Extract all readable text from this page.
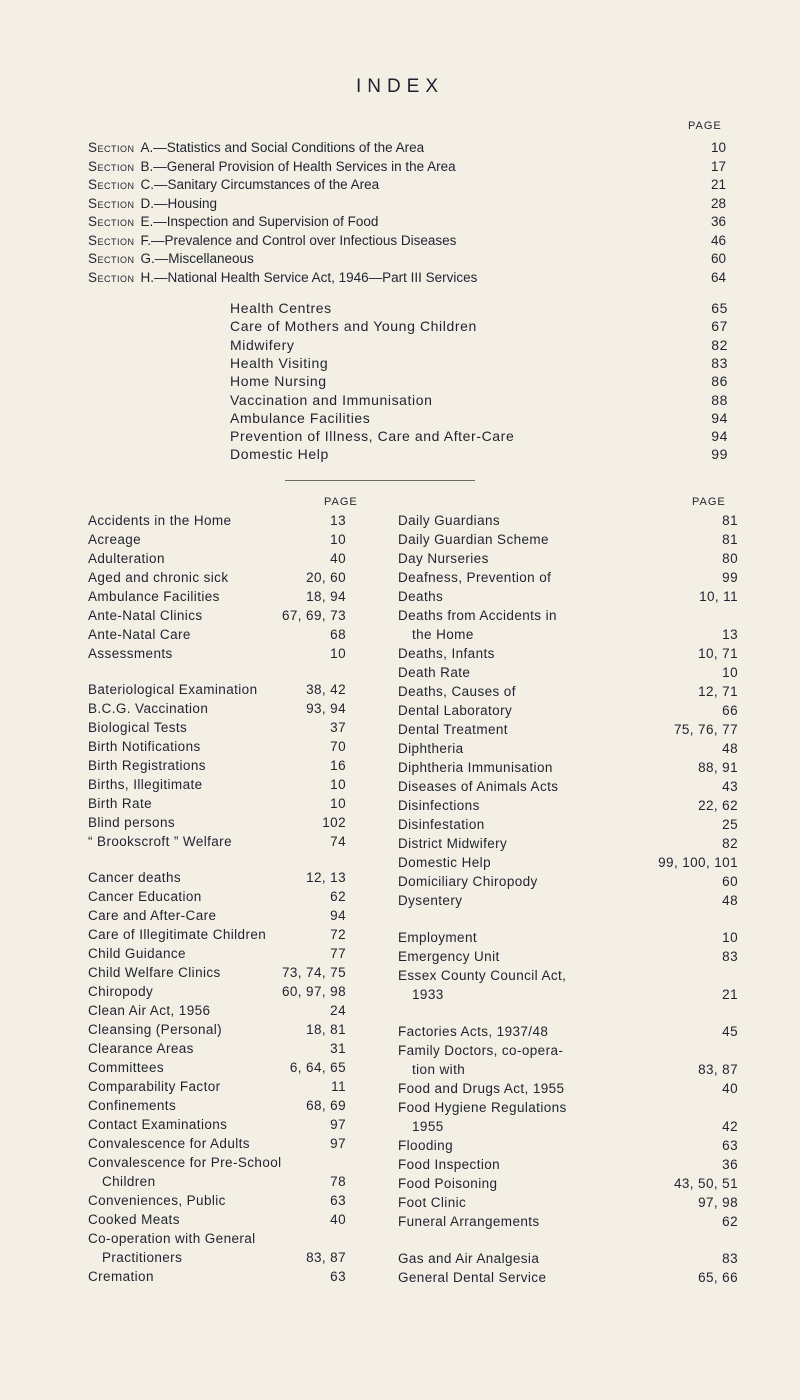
INDEX
PAGE
Section A.—Statistics and Social Conditions of the Area	10
Section B.—General Provision of Health Services in the Area	17
Section C.—Sanitary Circumstances of the Area	21
Section D.—Housing	28
Section E.—Inspection and Supervision of Food	36
Section F.—Prevalence and Control over Infectious Diseases	46
Section G.—Miscellaneous	60
Section H.—National Health Service Act, 1946—Part III Services	64
Health Centres	65
Care of Mothers and Young Children	67
Midwifery	82
Health Visiting	83
Home Nursing	86
Vaccination and Immunisation	88
Ambulance Facilities	94
Prevention of Illness, Care and After-Care	94
Domestic Help	99
PAGE	PAGE
Accidents in the Home	13
Acreage	10
Adulteration	40
Aged and chronic sick	20, 60
Ambulance Facilities	18, 94
Ante-Natal Clinics	67, 69, 73
Ante-Natal Care	68
Assessments	10
Bateriological Examination	38, 42
B.C.G. Vaccination	93, 94
Biological Tests	37
Birth Notifications	70
Birth Registrations	16
Births, Illegitimate	10
Birth Rate	10
Blind persons	102
“ Brookscroft ” Welfare	74
Cancer deaths	12, 13
Cancer Education	62
Care and After-Care	94
Care of Illegitimate Children	72
Child Guidance	77
Child Welfare Clinics	73, 74, 75
Chiropody	60, 97, 98
Clean Air Act, 1956	24
Cleansing (Personal)	18, 81
Clearance Areas	31
Committees	6, 64, 65
Comparability Factor	11
Confinements	68, 69
Contact Examinations	97
Convalescence for Adults	97
Convalescence for Pre-School
Children	78
Conveniences, Public	63
Cooked Meats	40
Co-operation with General
Practitioners	83, 87
Cremation	63
Daily Guardians	81
Daily Guardian Scheme	81
Day Nurseries	80
Deafness, Prevention of	99
Deaths	10, 11
Deaths from Accidents in
the Home	13
Deaths, Infants	10, 71
Death Rate	10
Deaths, Causes of	12, 71
Dental Laboratory	66
Dental Treatment	75, 76, 77
Diphtheria	48
Diphtheria Immunisation	88, 91
Diseases of Animals Acts	43
Disinfections	22, 62
Disinfestation	25
District Midwifery	82
Domestic Help	99, 100, 101
Domiciliary Chiropody	60
Dysentery	48
Employment	10
Emergency Unit	83
Essex County Council Act,
1933	21
Factories Acts, 1937/48	45
Family Doctors, co-opera-
tion with	83, 87
Food and Drugs Act, 1955	40
Food Hygiene Regulations
1955	42
Flooding	63
Food Inspection	36
Food Poisoning	43, 50, 51
Foot Clinic	97, 98
Funeral Arrangements	62
Gas and Air Analgesia	83
General Dental Service	65, 66
